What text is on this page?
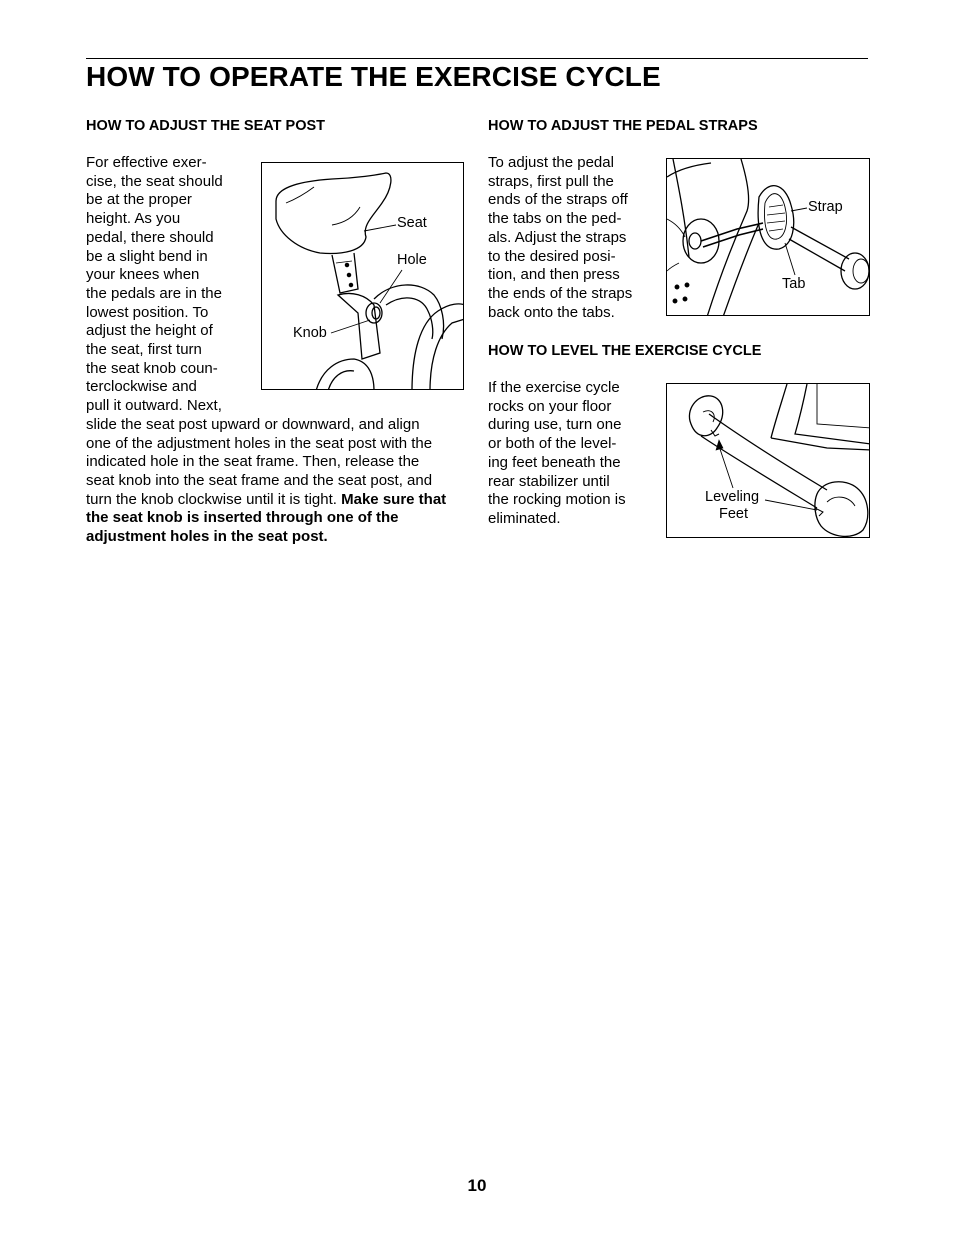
HOW TO OPERATE THE EXERCISE CYCLE
HOW TO ADJUST THE SEAT POST
For effective exer-
cise, the seat should
be at the proper
height. As you
pedal, there should
be a slight bend in
your knees when
the pedals are in the
lowest position. To
adjust the height of
the seat, first turn
the seat knob coun-
terclockwise and
pull it outward. Next,
slide the seat post upward or downward, and align
one of the adjustment holes in the seat post with the
indicated hole in the seat frame. Then, release the
seat knob into the seat frame and the seat post, and
turn the knob clockwise until it is tight. Make sure that
the seat knob is inserted through one of the
adjustment holes in the seat post.
Seat
Hole
Knob
HOW TO ADJUST THE PEDAL STRAPS
To adjust the pedal
straps, first pull the
ends of the straps off
the tabs on the ped-
als. Adjust the straps
to the desired posi-
tion, and then press
the ends of the straps
back onto the tabs.
Strap
Tab
HOW TO LEVEL THE EXERCISE CYCLE
If the exercise cycle
rocks on your floor
during use, turn one
or both of the level-
ing feet beneath the
rear stabilizer until
the rocking motion is
eliminated.
Leveling
Feet
10
